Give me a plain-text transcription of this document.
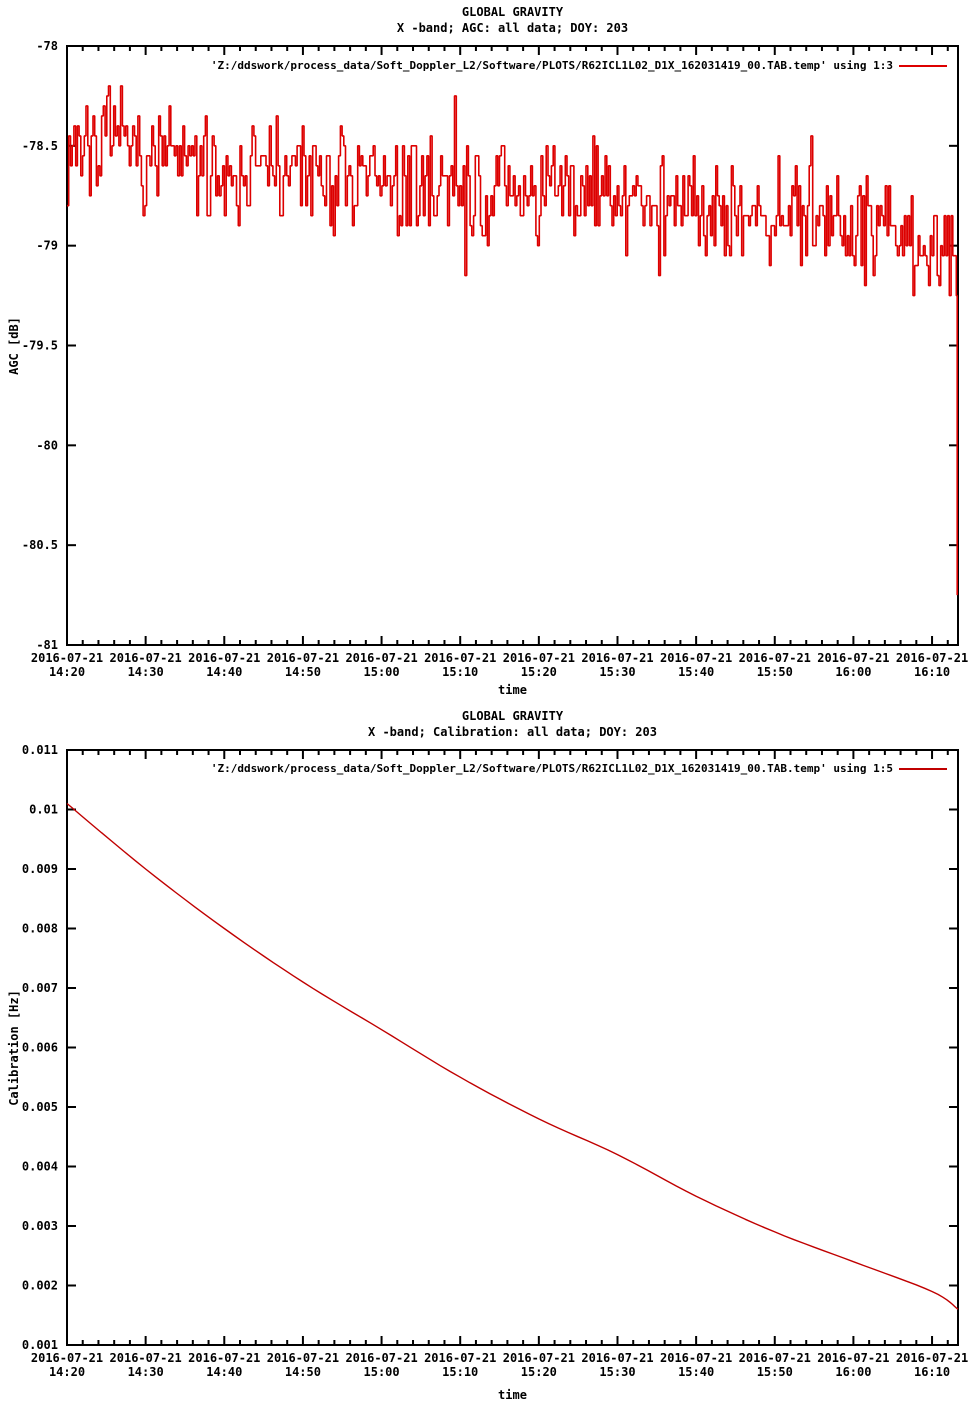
GLOBAL GRAVITY
X -band; AGC: all data; DOY: 203
-78
-78.5
-79
-79.5
-80
-80.5
-81
2016-07-21
14:20
2016-07-21
14:30
2016-07-21
14:40
2016-07-21
14:50
2016-07-21
15:00
2016-07-21
15:10
2016-07-21
15:20
2016-07-21
15:30
2016-07-21
15:40
2016-07-21
15:50
2016-07-21
16:00
2016-07-21
16:10
'Z:/ddswork/process_data/Soft_Doppler_L2/Software/PLOTS/R62ICL1L02_D1X_162031419_00.TAB.temp' using 1:3
AGC [dB]
time
GLOBAL GRAVITY
X -band; Calibration: all data; DOY: 203
0.011
0.01
0.009
0.008
0.007
0.006
0.005
0.004
0.003
0.002
0.001
2016-07-21
14:20
2016-07-21
14:30
2016-07-21
14:40
2016-07-21
14:50
2016-07-21
15:00
2016-07-21
15:10
2016-07-21
15:20
2016-07-21
15:30
2016-07-21
15:40
2016-07-21
15:50
2016-07-21
16:00
2016-07-21
16:10
'Z:/ddswork/process_data/Soft_Doppler_L2/Software/PLOTS/R62ICL1L02_D1X_162031419_00.TAB.temp' using 1:5
Calibration [Hz]
time
